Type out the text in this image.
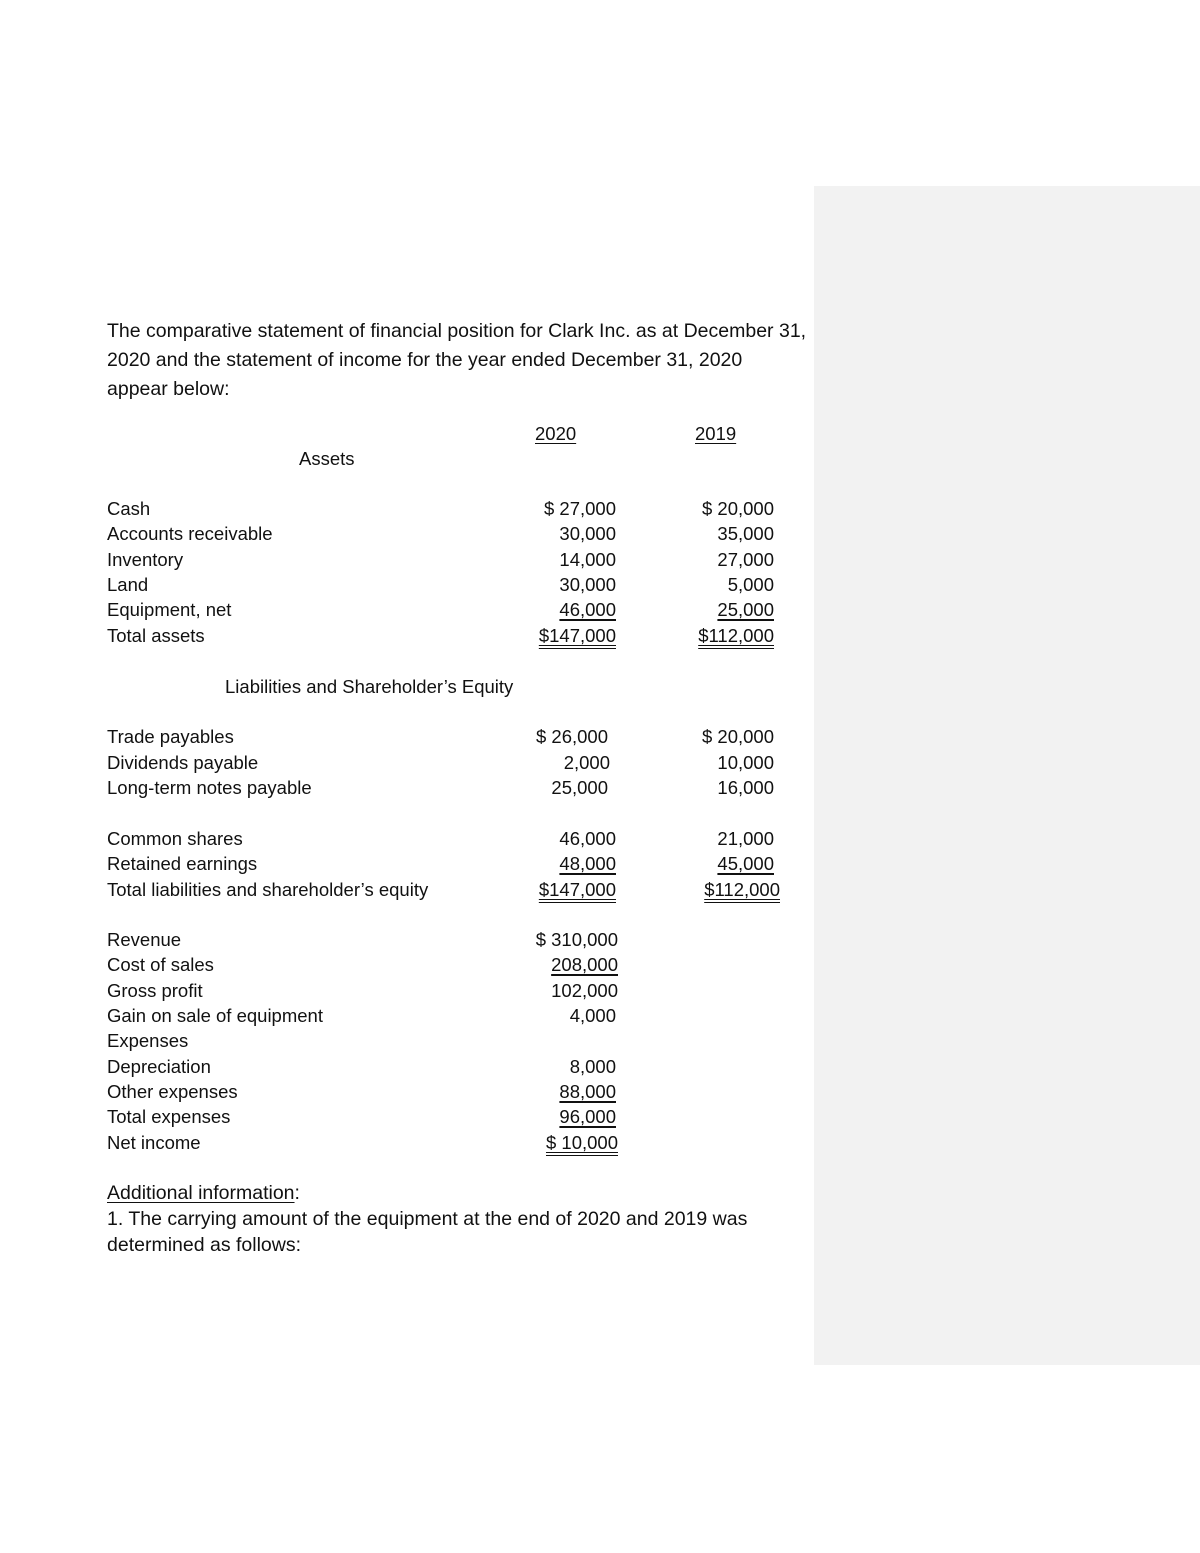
The comparative statement of financial position for Clark Inc. as at December 31, 2020 and the statement of income for the year ended December 31, 2020 appear below:

2020	2019
Assets
Cash	$ 27,000	$ 20,000
Accounts receivable	30,000	35,000
Inventory	14,000	27,000
Land	30,000	5,000
Equipment, net	46,000	25,000
Total assets	$147,000	$112,000
Liabilities and Shareholder’s Equity
Trade payables	$ 26,000	$ 20,000
Dividends payable	2,000	10,000
Long-term notes payable	25,000	16,000
Common shares	46,000	21,000
Retained earnings	48,000	45,000
Total liabilities and shareholder’s equity	$147,000	$112,000
Revenue	$ 310,000
Cost of sales	208,000
Gross profit	102,000
Gain on sale of equipment	4,000
Expenses
Depreciation	8,000
Other expenses	88,000
Total expenses	96,000
Net income	$ 10,000

Additional information:

1. The carrying amount of the equipment at the end of 2020 and 2019 was determined as follows:
